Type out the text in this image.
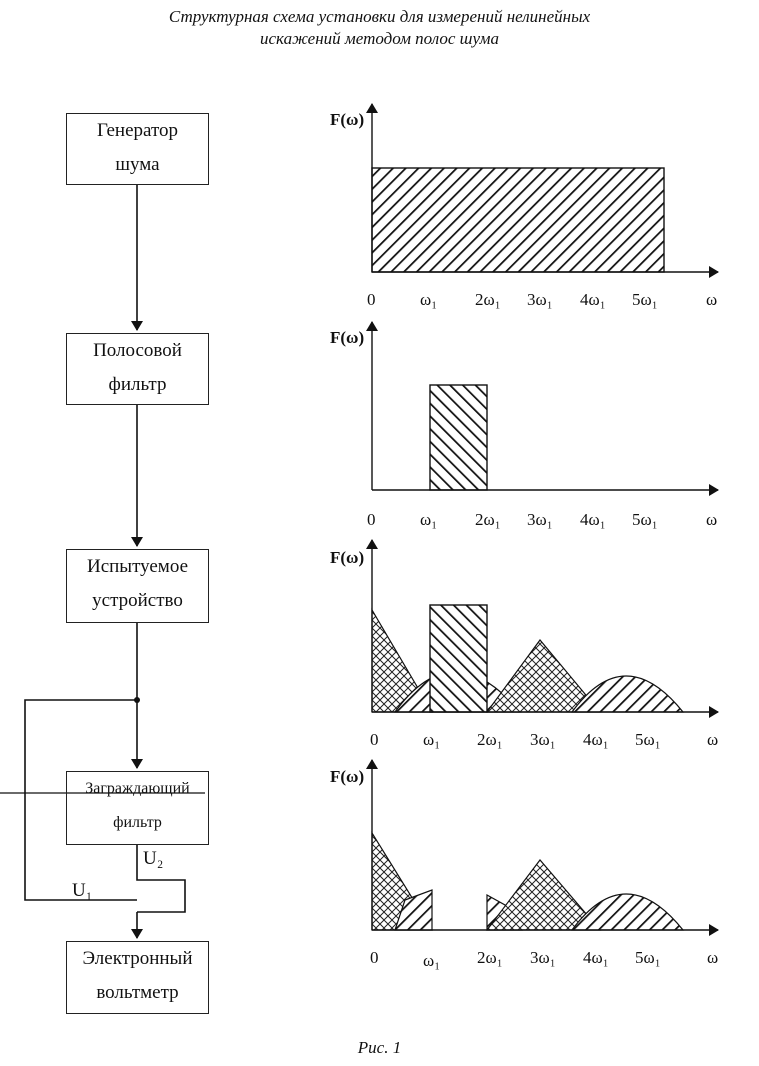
Структурная схема установки для измерений нелинейных
искажений методом полос шума
F(ω)
0	ω₁ 2ω₁ 3ω₁ 4ω₁ 5ω₁	ω
F(ω)
0	ω₁ 2ω₁ 3ω₁ 4ω₁ 5ω₁	ω
F(ω)
0	ω₁ 2ω₁ 3ω₁ 4ω₁ 5ω₁	ω
F(ω)
0	ω₁ 2ω₁ 3ω₁ 4ω₁ 5ω₁	ω
U₂
U₁
Генератор
шума
Полосовой
фильтр
Испытуемое
устройство
Заграждающий
фильтр
Электронный
вольтметр
Рис. 1
